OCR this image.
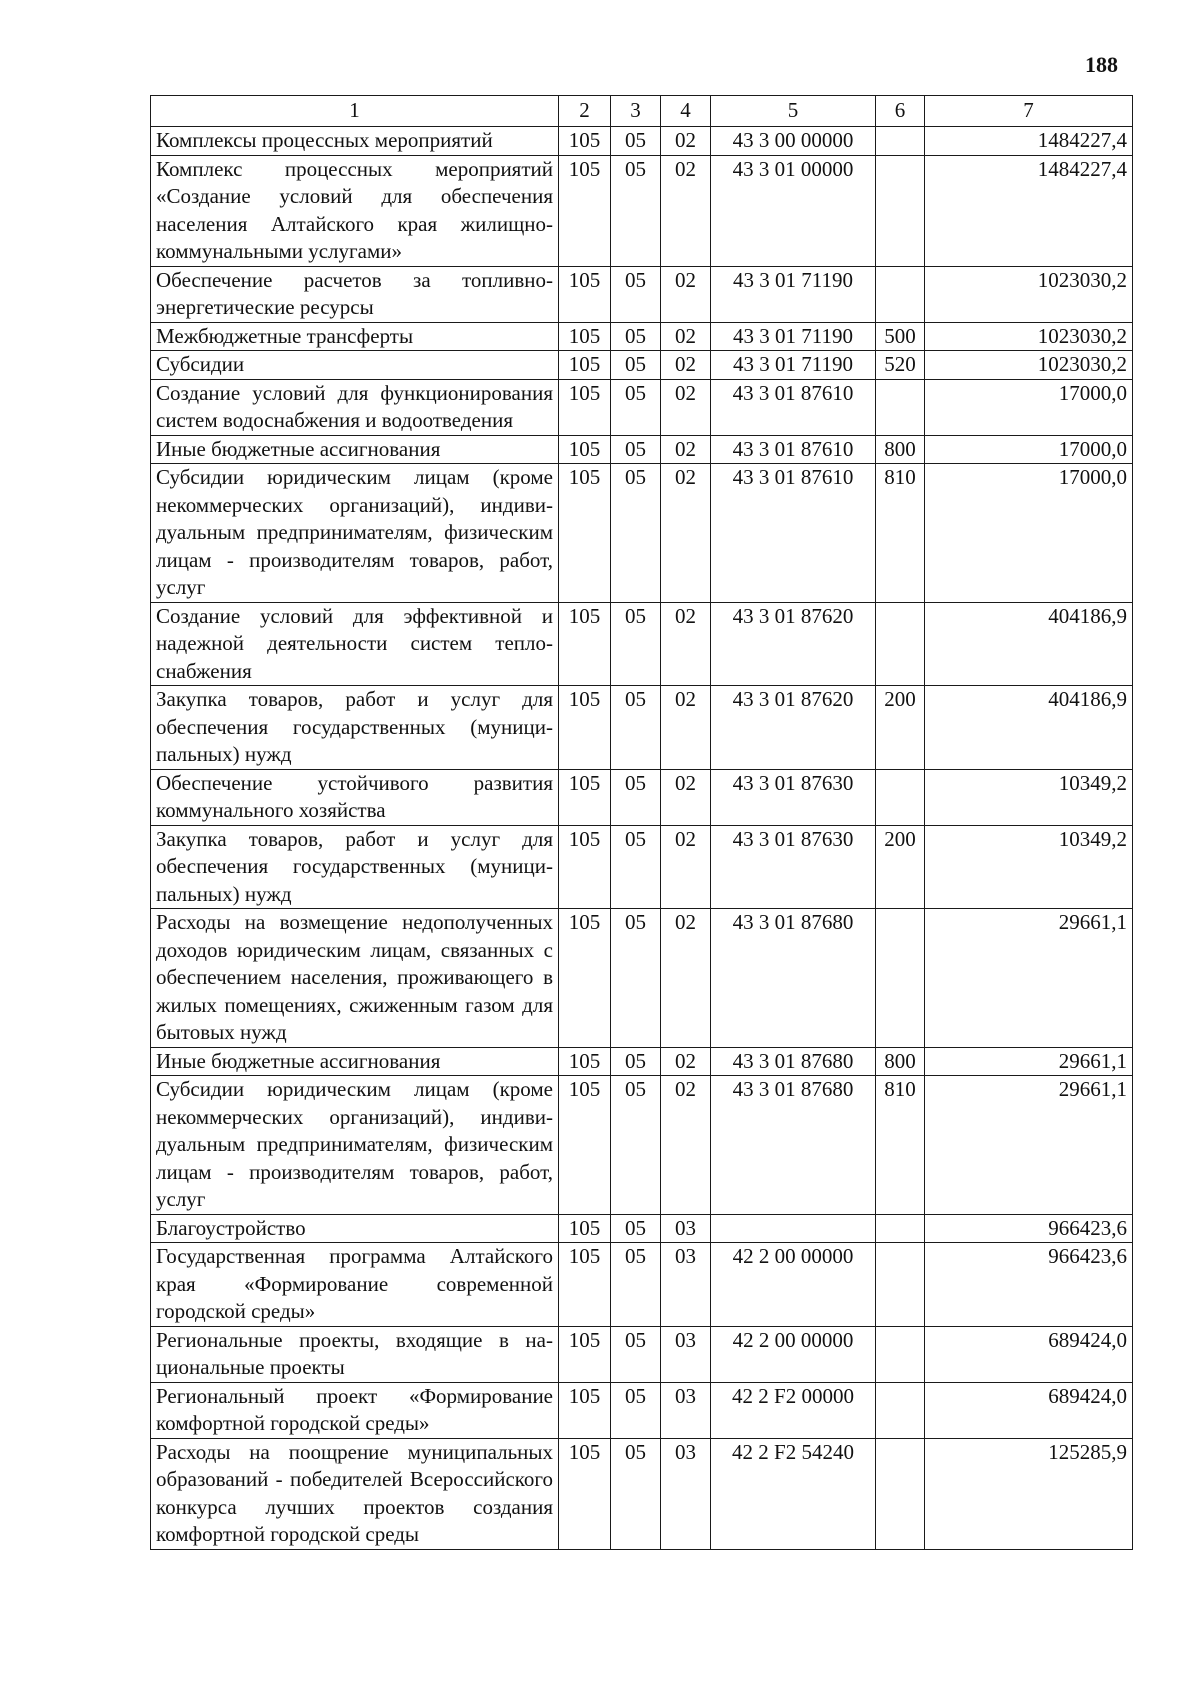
188
1	2	3	4	5	6	7
Комплексы процессных мероприятий	105	05	02	43 3 00 00000		1484227,4
Комплекс процессных мероприятий «Создание условий для обеспечения населения Алтайского края жилищно-коммунальными услугами»	105	05	02	43 3 01 00000		1484227,4
Обеспечение расчетов за топливно-энергетические ресурсы	105	05	02	43 3 01 71190		1023030,2
Межбюджетные трансферты	105	05	02	43 3 01 71190	500	1023030,2
Субсидии	105	05	02	43 3 01 71190	520	1023030,2
Создание условий для функционирования систем водоснабжения и водоотведения	105	05	02	43 3 01 87610		17000,0
Иные бюджетные ассигнования	105	05	02	43 3 01 87610	800	17000,0
Субсидии юридическим лицам (кроме некоммерческих организаций), индивидуальным предпринимателям, физическим лицам - производителям товаров, работ, услуг	105	05	02	43 3 01 87610	810	17000,0
Создание условий для эффективной и надежной деятельности систем теплоснабжения	105	05	02	43 3 01 87620		404186,9
Закупка товаров, работ и услуг для обеспечения государственных (муниципальных) нужд	105	05	02	43 3 01 87620	200	404186,9
Обеспечение устойчивого развития коммунального хозяйства	105	05	02	43 3 01 87630		10349,2
Закупка товаров, работ и услуг для обеспечения государственных (муниципальных) нужд	105	05	02	43 3 01 87630	200	10349,2
Расходы на возмещение недополученных доходов юридическим лицам, связанных с обеспечением населения, проживающего в жилых помещениях, сжиженным газом для бытовых нужд	105	05	02	43 3 01 87680		29661,1
Иные бюджетные ассигнования	105	05	02	43 3 01 87680	800	29661,1
Субсидии юридическим лицам (кроме некоммерческих организаций), индивидуальным предпринимателям, физическим лицам - производителям товаров, работ, услуг	105	05	02	43 3 01 87680	810	29661,1
Благоустройство	105	05	03			966423,6
Государственная программа Алтайского края «Формирование современной городской среды»	105	05	03	42 2 00 00000		966423,6
Региональные проекты, входящие в национальные проекты	105	05	03	42 2 00 00000		689424,0
Региональный проект «Формирование комфортной городской среды»	105	05	03	42 2 F2 00000		689424,0
Расходы на поощрение муниципальных образований - победителей Всероссийского конкурса лучших проектов создания комфортной городской среды	105	05	03	42 2 F2 54240		125285,9
